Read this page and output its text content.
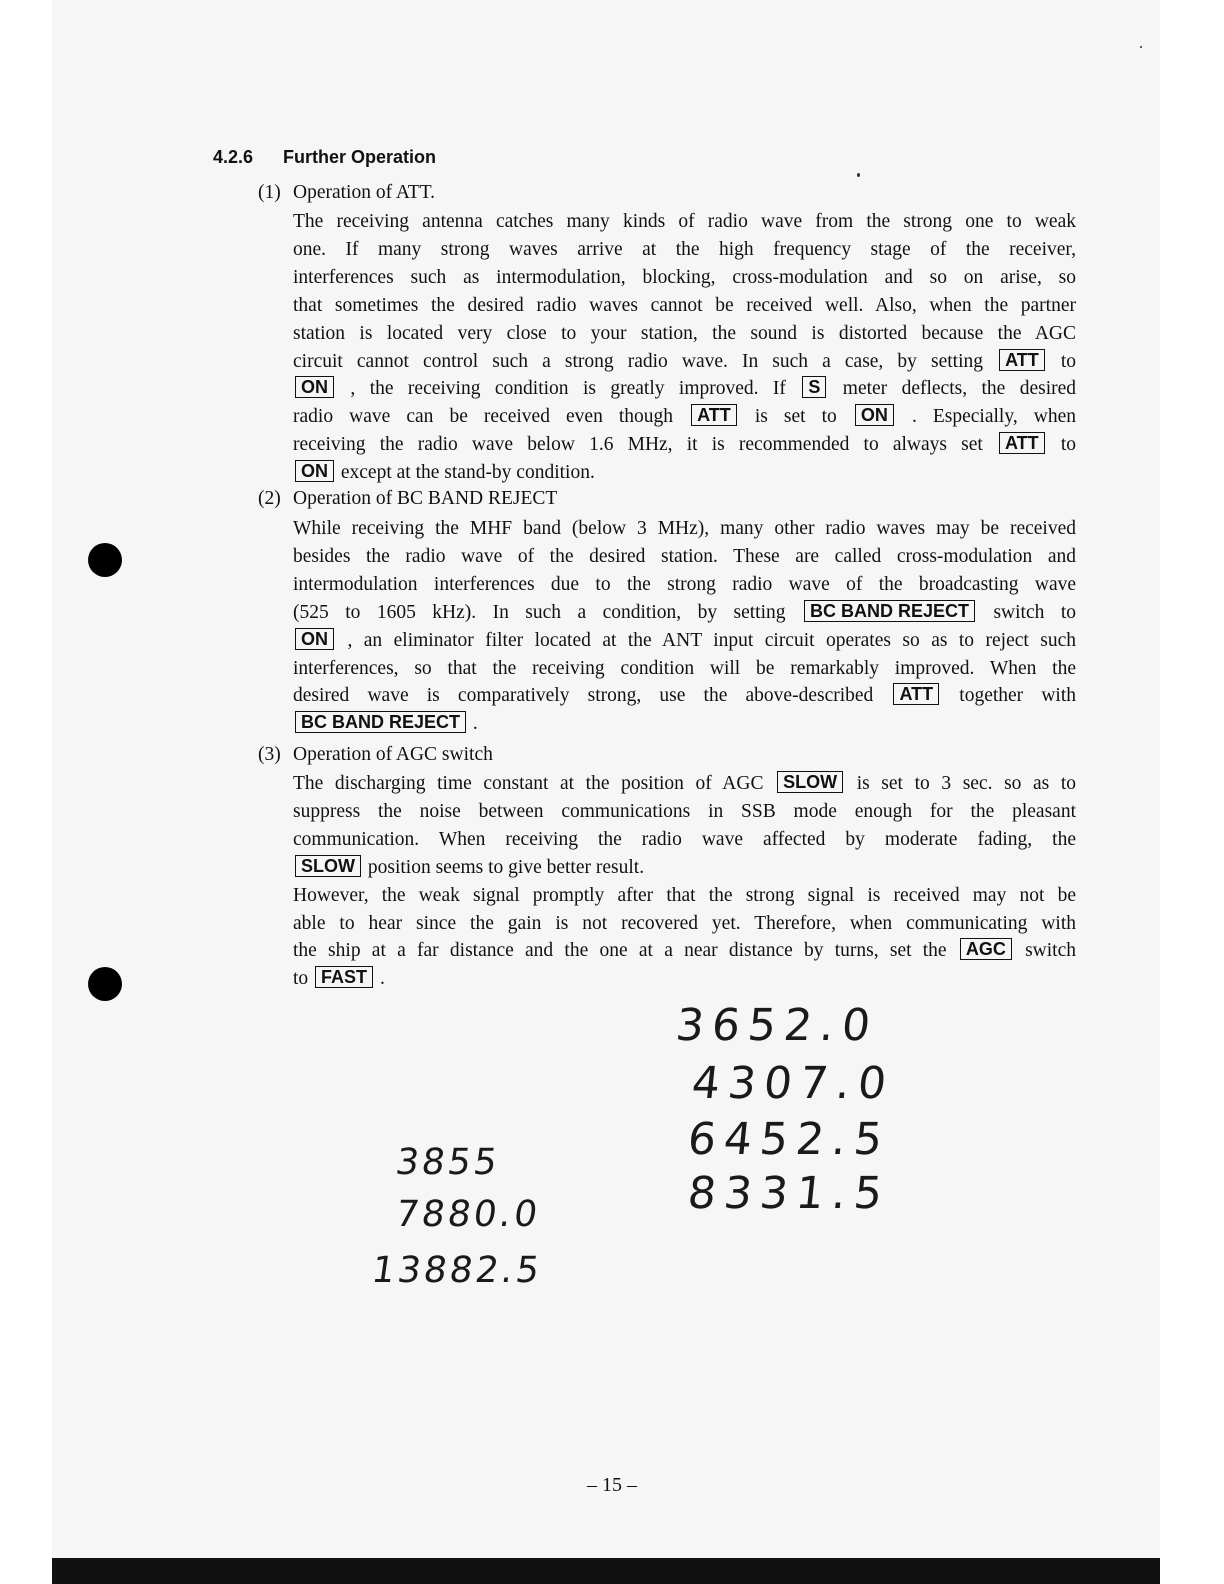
4.2.6 Further Operation
(1) Operation of ATT.
The receiving antenna catches many kinds of radio wave from the strong one to weak
one. If many strong waves arrive at the high frequency stage of the receiver,
interferences such as intermodulation, blocking, cross-modulation and so on arise, so
that sometimes the desired radio waves cannot be received well. Also, when the partner
station is located very close to your station, the sound is distorted because the AGC
circuit cannot control such a strong radio wave. In such a case, by setting ATT to
ON , the receiving condition is greatly improved. If S meter deflects, the desired
radio wave can be received even though ATT is set to ON . Especially, when
receiving the radio wave below 1.6 MHz, it is recommended to always set ATT to
ON except at the stand-by condition.
(2) Operation of BC BAND REJECT
While receiving the MHF band (below 3 MHz), many other radio waves may be received
besides the radio wave of the desired station. These are called cross-modulation and
intermodulation interferences due to the strong radio wave of the broadcasting wave
(525 to 1605 kHz). In such a condition, by setting BC BAND REJECT switch to
ON , an eliminator filter located at the ANT input circuit operates so as to reject such
interferences, so that the receiving condition will be remarkably improved. When the
desired wave is comparatively strong, use the above-described ATT together with
BC BAND REJECT .
(3) Operation of AGC switch
The discharging time constant at the position of AGC SLOW is set to 3 sec. so as to
suppress the noise between communications in SSB mode enough for the pleasant
communication. When receiving the radio wave affected by moderate fading, the
SLOW position seems to give better result.
However, the weak signal promptly after that the strong signal is received may not be
able to hear since the gain is not recovered yet. Therefore, when communicating with
the ship at a far distance and the one at a near distance by turns, set the AGC switch
to FAST .
3855
7880.0
13882.5
3652.0
4307.0
6452.5
8331.5
– 15 –
